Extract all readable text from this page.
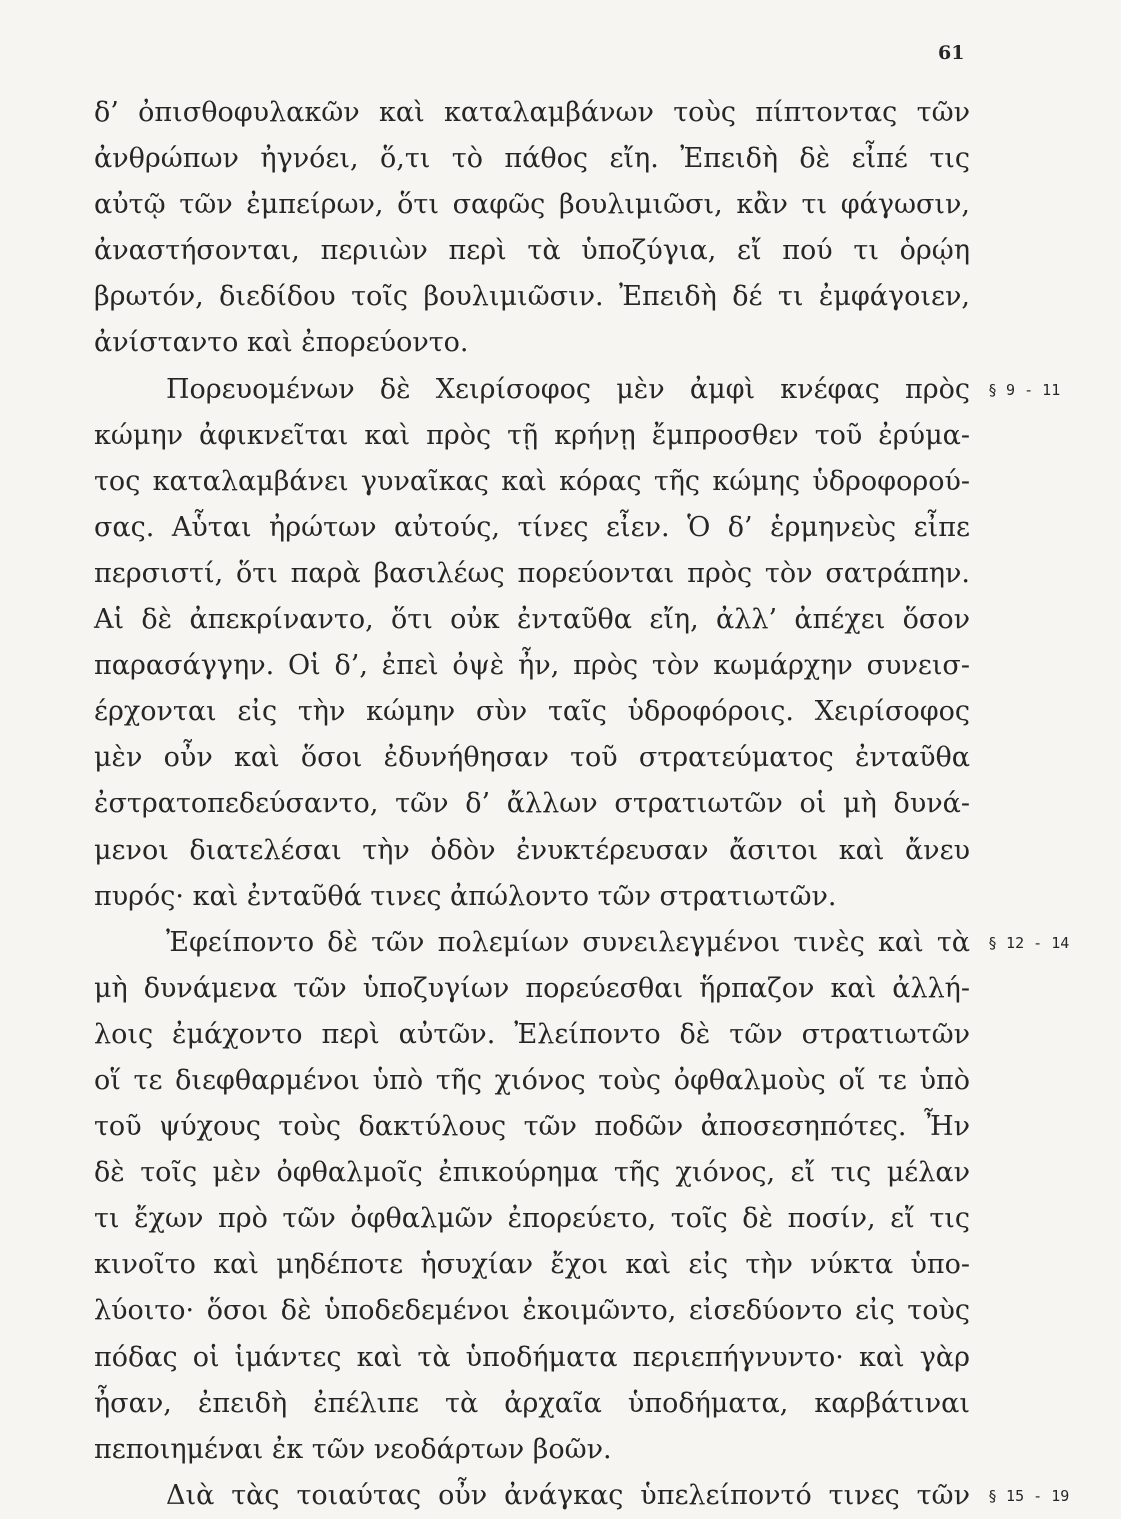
61
δ’ ὀπισθοφυλακῶν καὶ καταλαμβάνων τοὺς πίπτοντας τῶν
ἀνθρώπων ἠγνόει, ὅ,τι τὸ πάθος εἴη. Ἐπειδὴ δὲ εἶπέ τις
αὐτῷ τῶν ἐμπείρων, ὅτι σαφῶς βουλιμιῶσι, κἂν τι φάγωσιν,
ἀναστήσονται, περιιὼν περὶ τὰ ὑποζύγια, εἴ πού τι ὁρῴη
βρωτόν, διεδίδου τοῖς βουλιμιῶσιν. Ἐπειδὴ δέ τι ἐμφάγοιεν,
ἀνίσταντο καὶ ἐπορεύοντο.
Πορευομένων δὲ Χειρίσοφος μὲν ἀμφὶ κνέφας πρὸς
κώμην ἀφικνεῖται καὶ πρὸς τῇ κρήνῃ ἔμπροσθεν τοῦ ἐρύμα-
τος καταλαμβάνει γυναῖκας καὶ κόρας τῆς κώμης ὑδροφορού-
σας. Αὗται ἠρώτων αὐτούς, τίνες εἶεν. Ὁ δ’ ἑρμηνεὺς εἶπε
περσιστί, ὅτι παρὰ βασιλέως πορεύονται πρὸς τὸν σατράπην.
Αἱ δὲ ἀπεκρίναντο, ὅτι οὐκ ἐνταῦθα εἴη, ἀλλ’ ἀπέχει ὅσον
παρασάγγην. Οἱ δ’, ἐπεὶ ὀψὲ ἦν, πρὸς τὸν κωμάρχην συνεισ-
έρχονται εἰς τὴν κώμην σὺν ταῖς ὑδροφόροις. Χειρίσοφος
μὲν οὖν καὶ ὅσοι ἐδυνήθησαν τοῦ στρατεύματος ἐνταῦθα
ἐστρατοπεδεύσαντο, τῶν δ’ ἄλλων στρατιωτῶν οἱ μὴ δυνά-
μενοι διατελέσαι τὴν ὁδὸν ἐνυκτέρευσαν ἄσιτοι καὶ ἄνευ
πυρός· καὶ ἐνταῦθά τινες ἀπώλοντο τῶν στρατιωτῶν.
Ἐφείποντο δὲ τῶν πολεμίων συνειλεγμένοι τινὲς καὶ τὰ
μὴ δυνάμενα τῶν ὑποζυγίων πορεύεσθαι ἥρπαζον καὶ ἀλλή-
λοις ἐμάχοντο περὶ αὐτῶν. Ἐλείποντο δὲ τῶν στρατιωτῶν
οἵ τε διεφθαρμένοι ὑπὸ τῆς χιόνος τοὺς ὀφθαλμοὺς οἵ τε ὑπὸ
τοῦ ψύχους τοὺς δακτύλους τῶν ποδῶν ἀποσεσηπότες. Ἦν
δὲ τοῖς μὲν ὀφθαλμοῖς ἐπικούρημα τῆς χιόνος, εἴ τις μέλαν
τι ἔχων πρὸ τῶν ὀφθαλμῶν ἐπορεύετο, τοῖς δὲ ποσίν, εἴ τις
κινοῖτο καὶ μηδέποτε ἡσυχίαν ἔχοι καὶ εἰς τὴν νύκτα ὑπο-
λύοιτο· ὅσοι δὲ ὑποδεδεμένοι ἐκοιμῶντο, εἰσεδύοντο εἰς τοὺς
πόδας οἱ ἱμάντες καὶ τὰ ὑποδήματα περιεπήγνυντο· καὶ γὰρ
ἦσαν, ἐπειδὴ ἐπέλιπε τὰ ἀρχαῖα ὑποδήματα, καρβάτιναι
πεποιημέναι ἐκ τῶν νεοδάρτων βοῶν.
Διὰ τὰς τοιαύτας οὖν ἀνάγκας ὑπελείποντό τινες τῶν
§ 9 - 11
§ 12 - 14
§ 15 - 19
